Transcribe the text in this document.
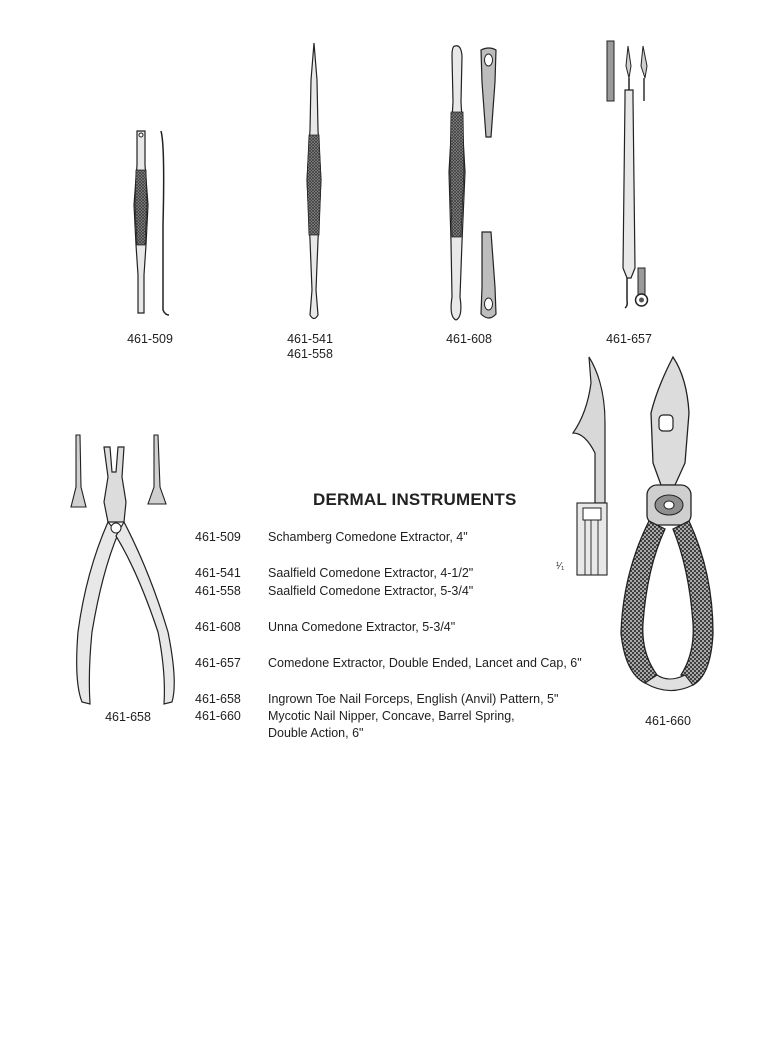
461-509	461-541
461-558
461-608	461-657
461-658
¹⁄₁
461-660
DERMAL INSTRUMENTS
461-509	Schamberg Comedone Extractor, 4"
461-541	Saalfield Comedone Extractor, 4-1/2"
461-558	Saalfield Comedone Extractor, 5-3/4"
461-608	Unna Comedone Extractor, 5-3/4"
461-657	Comedone Extractor, Double Ended, Lancet and Cap, 6"
461-658	Ingrown Toe Nail Forceps, English (Anvil) Pattern, 5"
461-660	Mycotic Nail Nipper, Concave, Barrel Spring,
Double Action, 6"
